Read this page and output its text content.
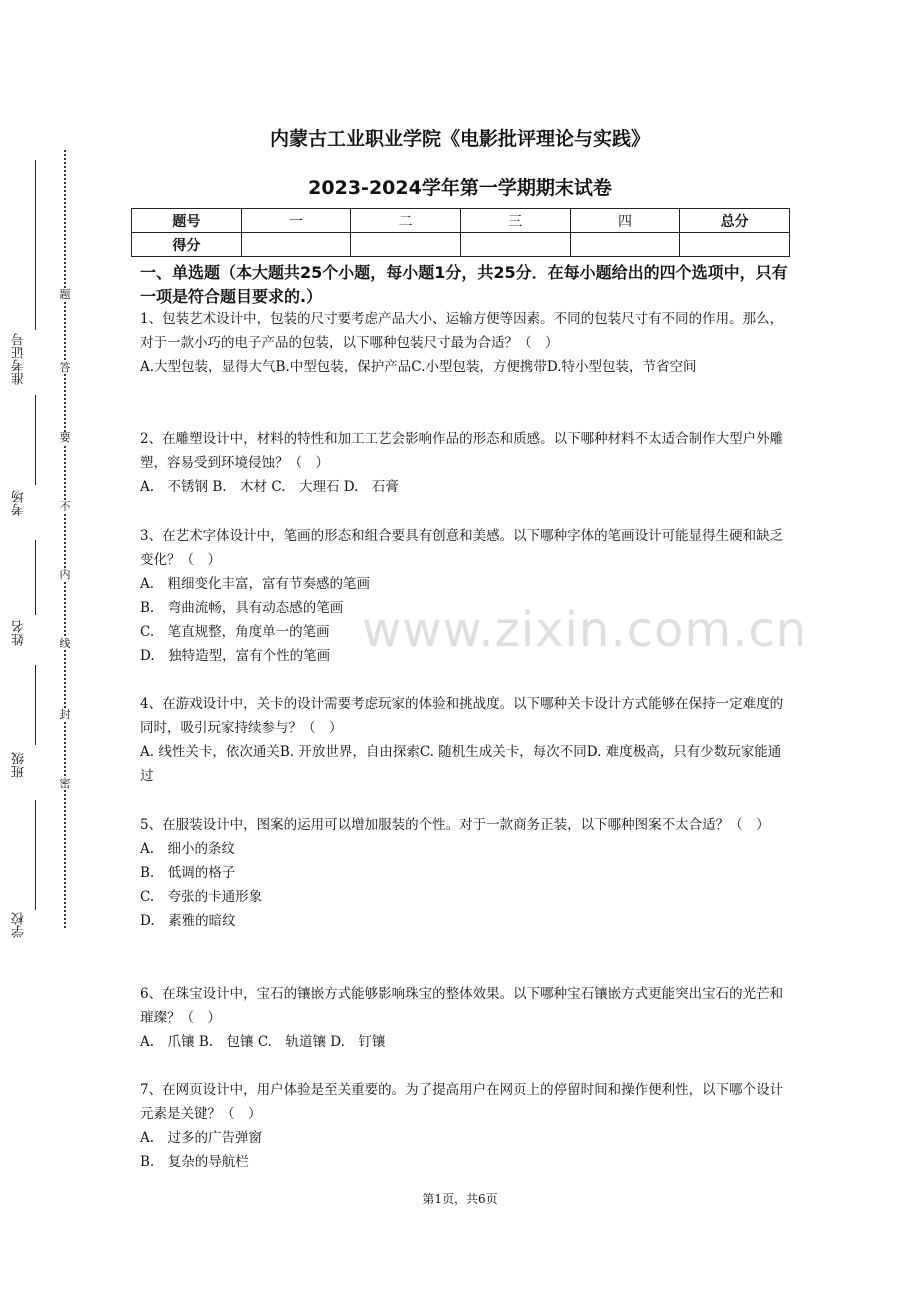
题
答
要
不
内
线
封
密
准考证号
考场
姓名
班级
学校
内蒙古工业职业学院《电影批评理论与实践》
2023-2024学年第一学期期末试卷
题号	一	二	三	四	总分
得分					
一、单选题（本大题共25个小题，每小题1分，共25分．在每小题给出的四个选项中，只有一项是符合题目要求的.）

1、包装艺术设计中，包装的尺寸要考虑产品大小、运输方便等因素。不同的包装尺寸有不同的作用。那么，对于一款小巧的电子产品的包装，以下哪种包装尺寸最为合适？（　）

A.大型包装，显得大气B.中型包装，保护产品C.小型包装，方便携带D.特小型包装，节省空间

2、在雕塑设计中，材料的特性和加工工艺会影响作品的形态和质感。以下哪种材料不太适合制作大型户外雕塑，容易受到环境侵蚀？（　）

A.　不锈钢 B.　木材 C.　大理石 D.　石膏

3、在艺术字体设计中，笔画的形态和组合要具有创意和美感。以下哪种字体的笔画设计可能显得生硬和缺乏变化？（　）

A.　粗细变化丰富，富有节奏感的笔画

B.　弯曲流畅，具有动态感的笔画

C.　笔直规整，角度单一的笔画

D.　独特造型，富有个性的笔画

4、在游戏设计中，关卡的设计需要考虑玩家的体验和挑战度。以下哪种关卡设计方式能够在保持一定难度的同时，吸引玩家持续参与？（　）

A. 线性关卡，依次通关B. 开放世界，自由探索C. 随机生成关卡，每次不同D. 难度极高，只有少数玩家能通过

5、在服装设计中，图案的运用可以增加服装的个性。对于一款商务正装，以下哪种图案不太合适？（　）

A.　细小的条纹

B.　低调的格子

C.　夸张的卡通形象

D.　素雅的暗纹

6、在珠宝设计中，宝石的镶嵌方式能够影响珠宝的整体效果。以下哪种宝石镶嵌方式更能突出宝石的光芒和璀璨？（　）

A.　爪镶 B.　包镶 C.　轨道镶 D.　钉镶

7、在网页设计中，用户体验是至关重要的。为了提高用户在网页上的停留时间和操作便利性，以下哪个设计元素是关键？（　）

A.　过多的广告弹窗

B.　复杂的导航栏

www.zixin.com.cn
第1页，共6页
